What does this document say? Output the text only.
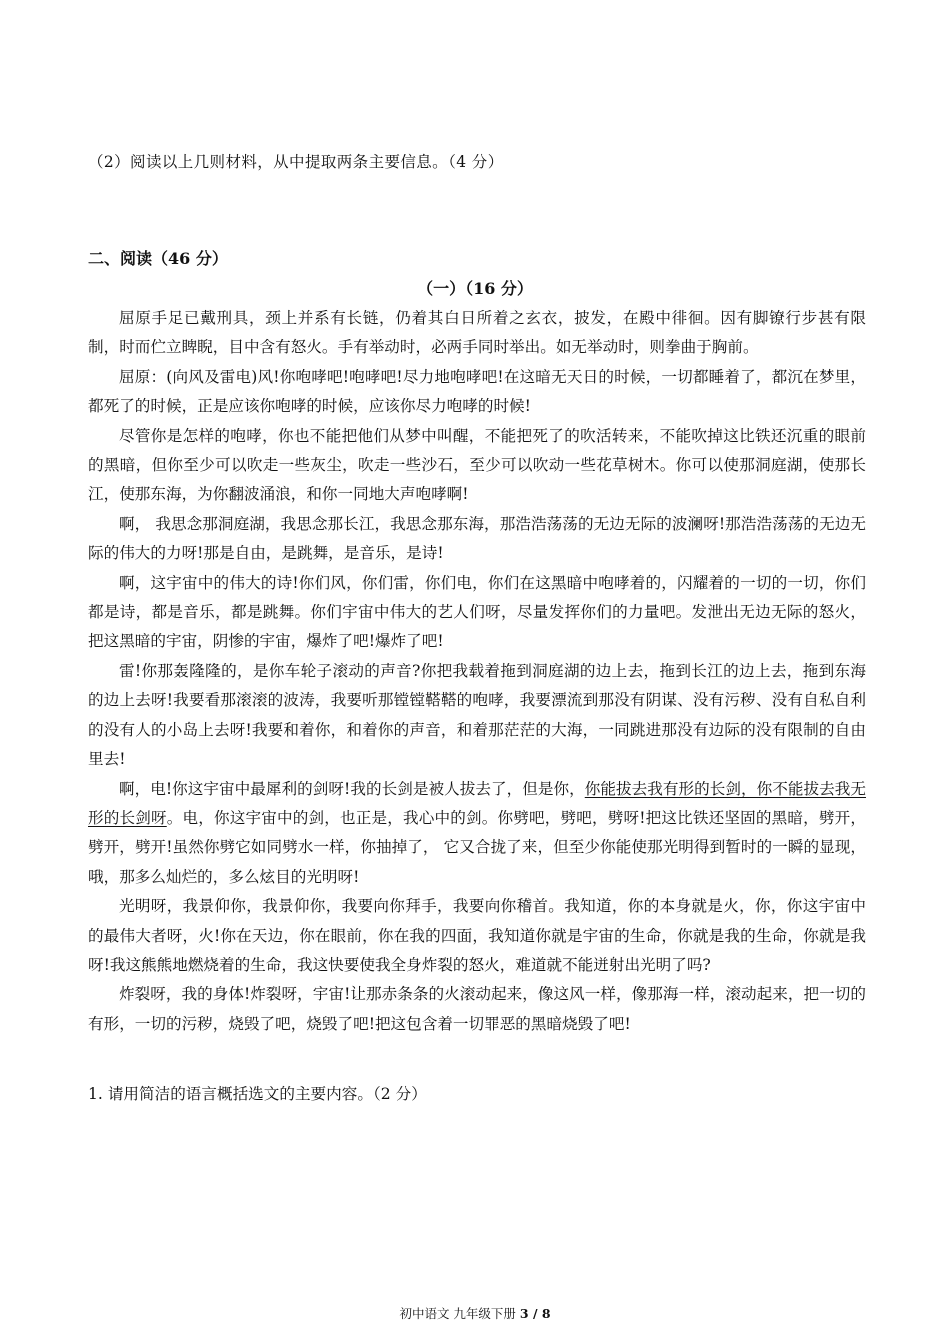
（2）阅读以上几则材料，从中提取两条主要信息。（4 分）
二、阅读（46 分）
（一）（16 分）

屈原手足已戴刑具，颈上并系有长链，仍着其白日所着之玄衣，披发，在殿中徘徊。因有脚镣行步甚有限制，时而伫立睥睨，目中含有怒火。手有举动时，必两手同时举出。如无举动时，则拳曲于胸前。

屈原：(向风及雷电)风!你咆哮吧!咆哮吧!尽力地咆哮吧!在这暗无天日的时候，一切都睡着了，都沉在梦里，都死了的时候，正是应该你咆哮的时候，应该你尽力咆哮的时候!

尽管你是怎样的咆哮，你也不能把他们从梦中叫醒，不能把死了的吹活转来，不能吹掉这比铁还沉重的眼前的黑暗，但你至少可以吹走一些灰尘，吹走一些沙石，至少可以吹动一些花草树木。你可以使那洞庭湖，使那长江，使那东海，为你翻波涌浪，和你一同地大声咆哮啊!

啊， 我思念那洞庭湖，我思念那长江，我思念那东海，那浩浩荡荡的无边无际的波澜呀!那浩浩荡荡的无边无际的伟大的力呀!那是自由，是跳舞，是音乐，是诗!

啊，这宇宙中的伟大的诗!你们风，你们雷，你们电，你们在这黑暗中咆哮着的，闪耀着的一切的一切，你们都是诗，都是音乐，都是跳舞。你们宇宙中伟大的艺人们呀，尽量发挥你们的力量吧。发泄出无边无际的怒火，把这黑暗的宇宙，阴惨的宇宙，爆炸了吧!爆炸了吧!

雷!你那轰隆隆的，是你车轮子滚动的声音?你把我载着拖到洞庭湖的边上去，拖到长江的边上去，拖到东海的边上去呀!我要看那滚滚的波涛，我要听那镗镗鞳鞳的咆哮，我要漂流到那没有阴谋、没有污秽、没有自私自利的没有人的小岛上去呀!我要和着你，和着你的声音，和着那茫茫的大海，一同跳进那没有边际的没有限制的自由里去!

啊，电!你这宇宙中最犀利的剑呀!我的长剑是被人拔去了，但是你，你能拔去我有形的长剑，你不能拔去我无形的长剑呀。电，你这宇宙中的剑，也正是，我心中的剑。你劈吧，劈吧，劈呀!把这比铁还坚固的黑暗，劈开，劈开，劈开!虽然你劈它如同劈水一样，你抽掉了， 它又合拢了来，但至少你能使那光明得到暂时的一瞬的显现，哦，那多么灿烂的，多么炫目的光明呀!

光明呀，我景仰你，我景仰你，我要向你拜手，我要向你稽首。我知道，你的本身就是火，你，你这宇宙中的最伟大者呀，火!你在天边，你在眼前，你在我的四面，我知道你就是宇宙的生命，你就是我的生命，你就是我呀!我这熊熊地燃烧着的生命，我这快要使我全身炸裂的怒火，难道就不能迸射出光明了吗?

炸裂呀，我的身体!炸裂呀，宇宙!让那赤条条的火滚动起来，像这风一样，像那海一样，滚动起来，把一切的有形，一切的污秽，烧毁了吧，烧毁了吧!把这包含着一切罪恶的黑暗烧毁了吧!

1. 请用简洁的语言概括选文的主要内容。（2 分）
初中语文 九年级下册 3 / 8
